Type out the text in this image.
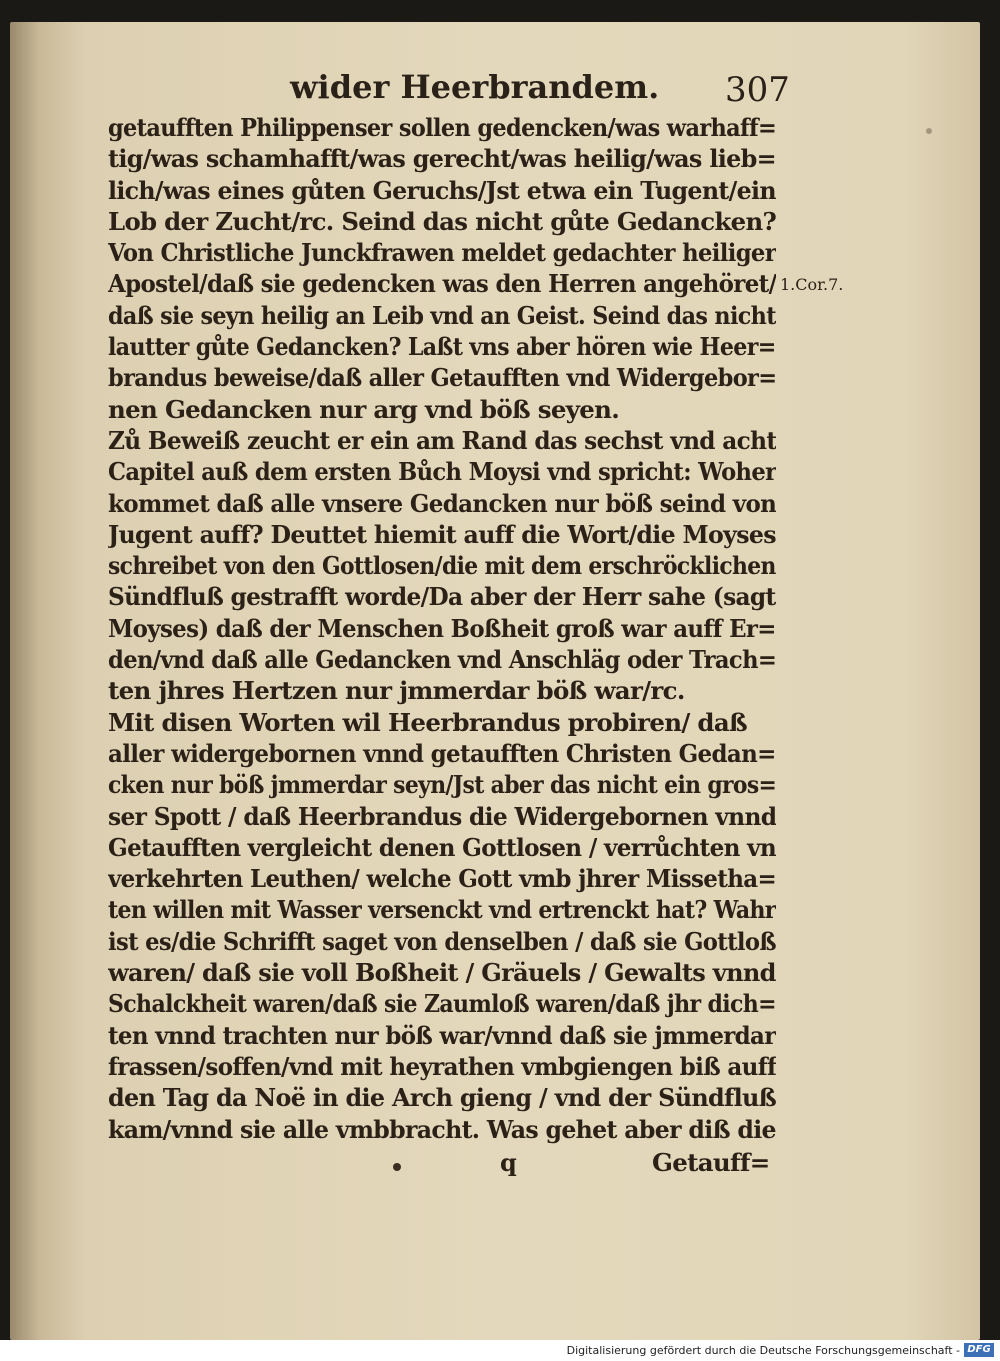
wider Heerbrandem. 307
getaufften Philippenser sollen gedencken/was warhaff=
tig/was schamhafft/was gerecht/was heilig/was lieb=
lich/was eines gůten Geruchs/Jst etwa ein Tugent/ein
Lob der Zucht/rc. Seind das nicht gůte Gedancken?
Von Christliche Junckfrawen meldet gedachter heiliger
Apostel/daß sie gedencken was den Herren angehöret/
daß sie seyn heilig an Leib vnd an Geist. Seind das nicht
lautter gůte Gedancken? Laßt vns aber hören wie Heer=
brandus beweise/daß aller Getaufften vnd Widergebor=
nen Gedancken nur arg vnd böß seyen.
Zů Beweiß zeucht er ein am Rand das sechst vnd acht
Capitel auß dem ersten Bůch Moysi vnd spricht: Woher
kommet daß alle vnsere Gedancken nur böß seind von
Jugent auff? Deuttet hiemit auff die Wort/die Moyses
schreibet von den Gottlosen/die mit dem erschröcklichen
Sündfluß gestrafft worde/Da aber der Herr sahe (sagt
Moyses) daß der Menschen Boßheit groß war auff Er=
den/vnd daß alle Gedancken vnd Anschläg oder Trach=
ten jhres Hertzen nur jmmerdar böß war/rc.
Mit disen Worten wil Heerbrandus probiren/ daß
aller widergebornen vnnd getaufften Christen Gedan=
cken nur böß jmmerdar seyn/Jst aber das nicht ein gros=
ser Spott / daß Heerbrandus die Widergebornen vnnd
Getaufften vergleicht denen Gottlosen / verrůchten vn
verkehrten Leuthen/ welche Gott vmb jhrer Missetha=
ten willen mit Wasser versenckt vnd ertrenckt hat? Wahr
ist es/die Schrifft saget von denselben / daß sie Gottloß
waren/ daß sie voll Boßheit / Gräuels / Gewalts vnnd
Schalckheit waren/daß sie Zaumloß waren/daß jhr dich=
ten vnnd trachten nur böß war/vnnd daß sie jmmerdar
frassen/soffen/vnd mit heyrathen vmbgiengen biß auff
den Tag da Noë in die Arch gieng / vnd der Sündfluß
kam/vnnd sie alle vmbbracht. Was gehet aber diß die
1.Cor.7.
q	Getauff=
Digitalisierung gefördert durch die Deutsche Forschungsgemeinschaft - DFG
